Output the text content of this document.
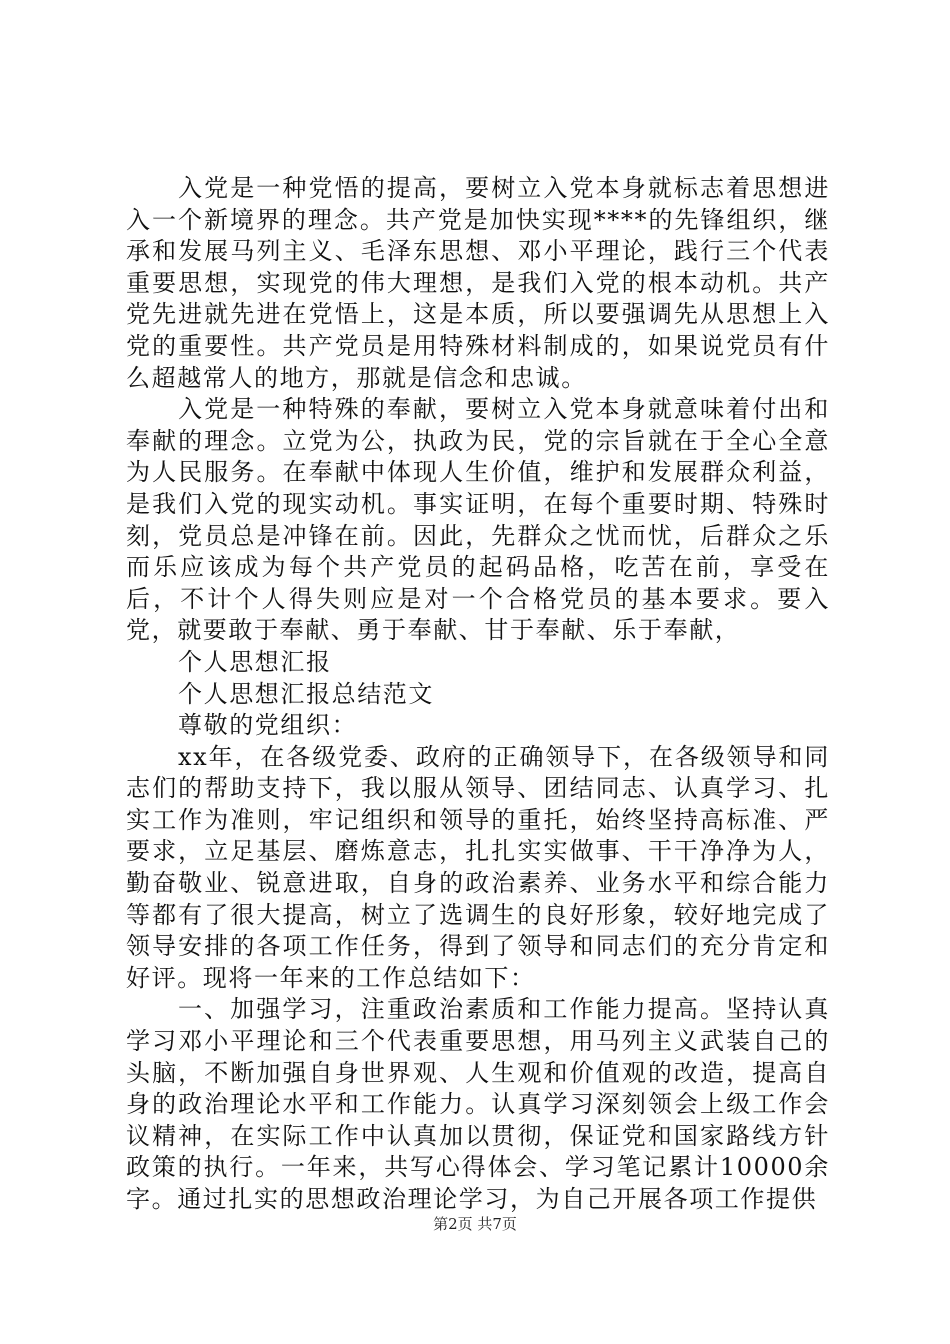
入党是一种党悟的提高，要树立入党本身就标志着思想进入一个新境界的理念。共产党是加快实现****的先锋组织，继承和发展马列主义、毛泽东思想、邓小平理论，践行三个代表重要思想，实现党的伟大理想，是我们入党的根本动机。共产党先进就先进在党悟上，这是本质，所以要强调先从思想上入党的重要性。共产党员是用特殊材料制成的，如果说党员有什么超越常人的地方，那就是信念和忠诚。

入党是一种特殊的奉献，要树立入党本身就意味着付出和奉献的理念。立党为公，执政为民，党的宗旨就在于全心全意为人民服务。在奉献中体现人生价值，维护和发展群众利益，是我们入党的现实动机。事实证明，在每个重要时期、特殊时刻，党员总是冲锋在前。因此，先群众之忧而忧，后群众之乐而乐应该成为每个共产党员的起码品格，吃苦在前，享受在后，不计个人得失则应是对一个合格党员的基本要求。要入党，就要敢于奉献、勇于奉献、甘于奉献、乐于奉献，

个人思想汇报

个人思想汇报总结范文

尊敬的党组织：

xx年，在各级党委、政府的正确领导下，在各级领导和同志们的帮助支持下，我以服从领导、团结同志、认真学习、扎实工作为准则，牢记组织和领导的重托，始终坚持高标准、严要求，立足基层、磨炼意志，扎扎实实做事、干干净净为人，勤奋敬业、锐意进取，自身的政治素养、业务水平和综合能力等都有了很大提高，树立了选调生的良好形象，较好地完成了领导安排的各项工作任务，得到了领导和同志们的充分肯定和好评。现将一年来的工作总结如下：

一、加强学习，注重政治素质和工作能力提高。坚持认真学习邓小平理论和三个代表重要思想，用马列主义武装自己的头脑，不断加强自身世界观、人生观和价值观的改造，提高自身的政治理论水平和工作能力。认真学习深刻领会上级工作会议精神，在实际工作中认真加以贯彻，保证党和国家路线方针政策的执行。一年来，共写心得体会、学习笔记累计10000余字。通过扎实的思想政治理论学习，为自己开展各项工作提供

第2页 共7页
